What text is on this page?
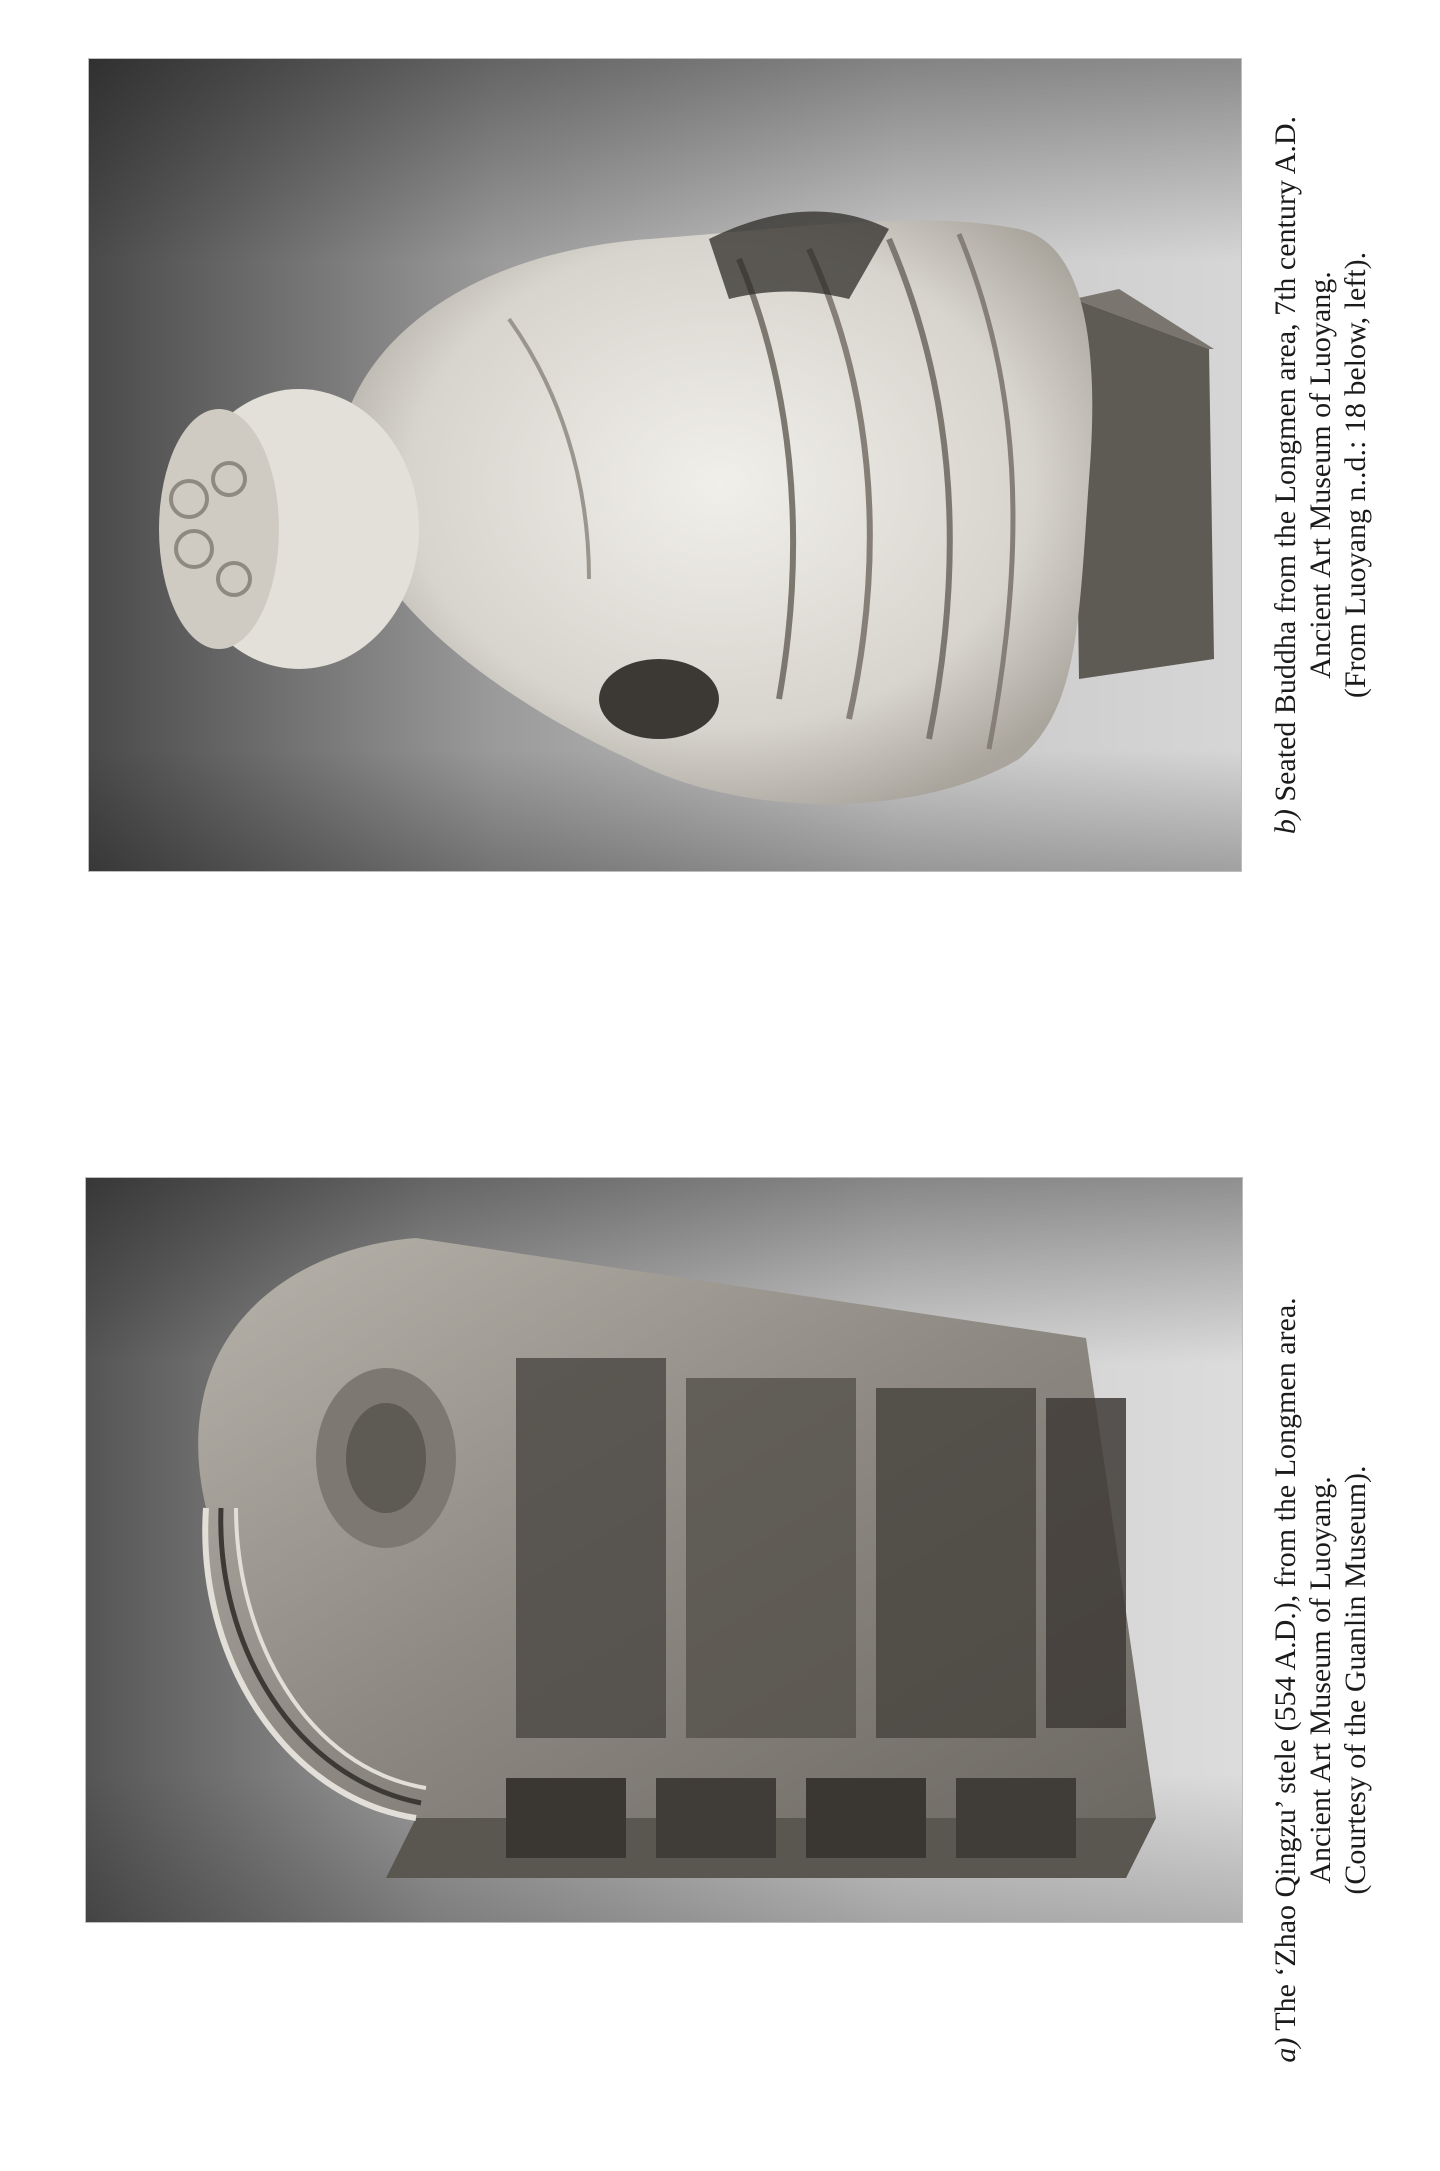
b) Seated Buddha from the Longmen area, 7th century A.D. Ancient Art Museum of Luoyang. (From Luoyang n..d.: 18 below, left).
a) The ‘Zhao Qingzu’ stele (554 A.D.), from the Longmen area. Ancient Art Museum of Luoyang. (Courtesy of the Guanlin Museum).
